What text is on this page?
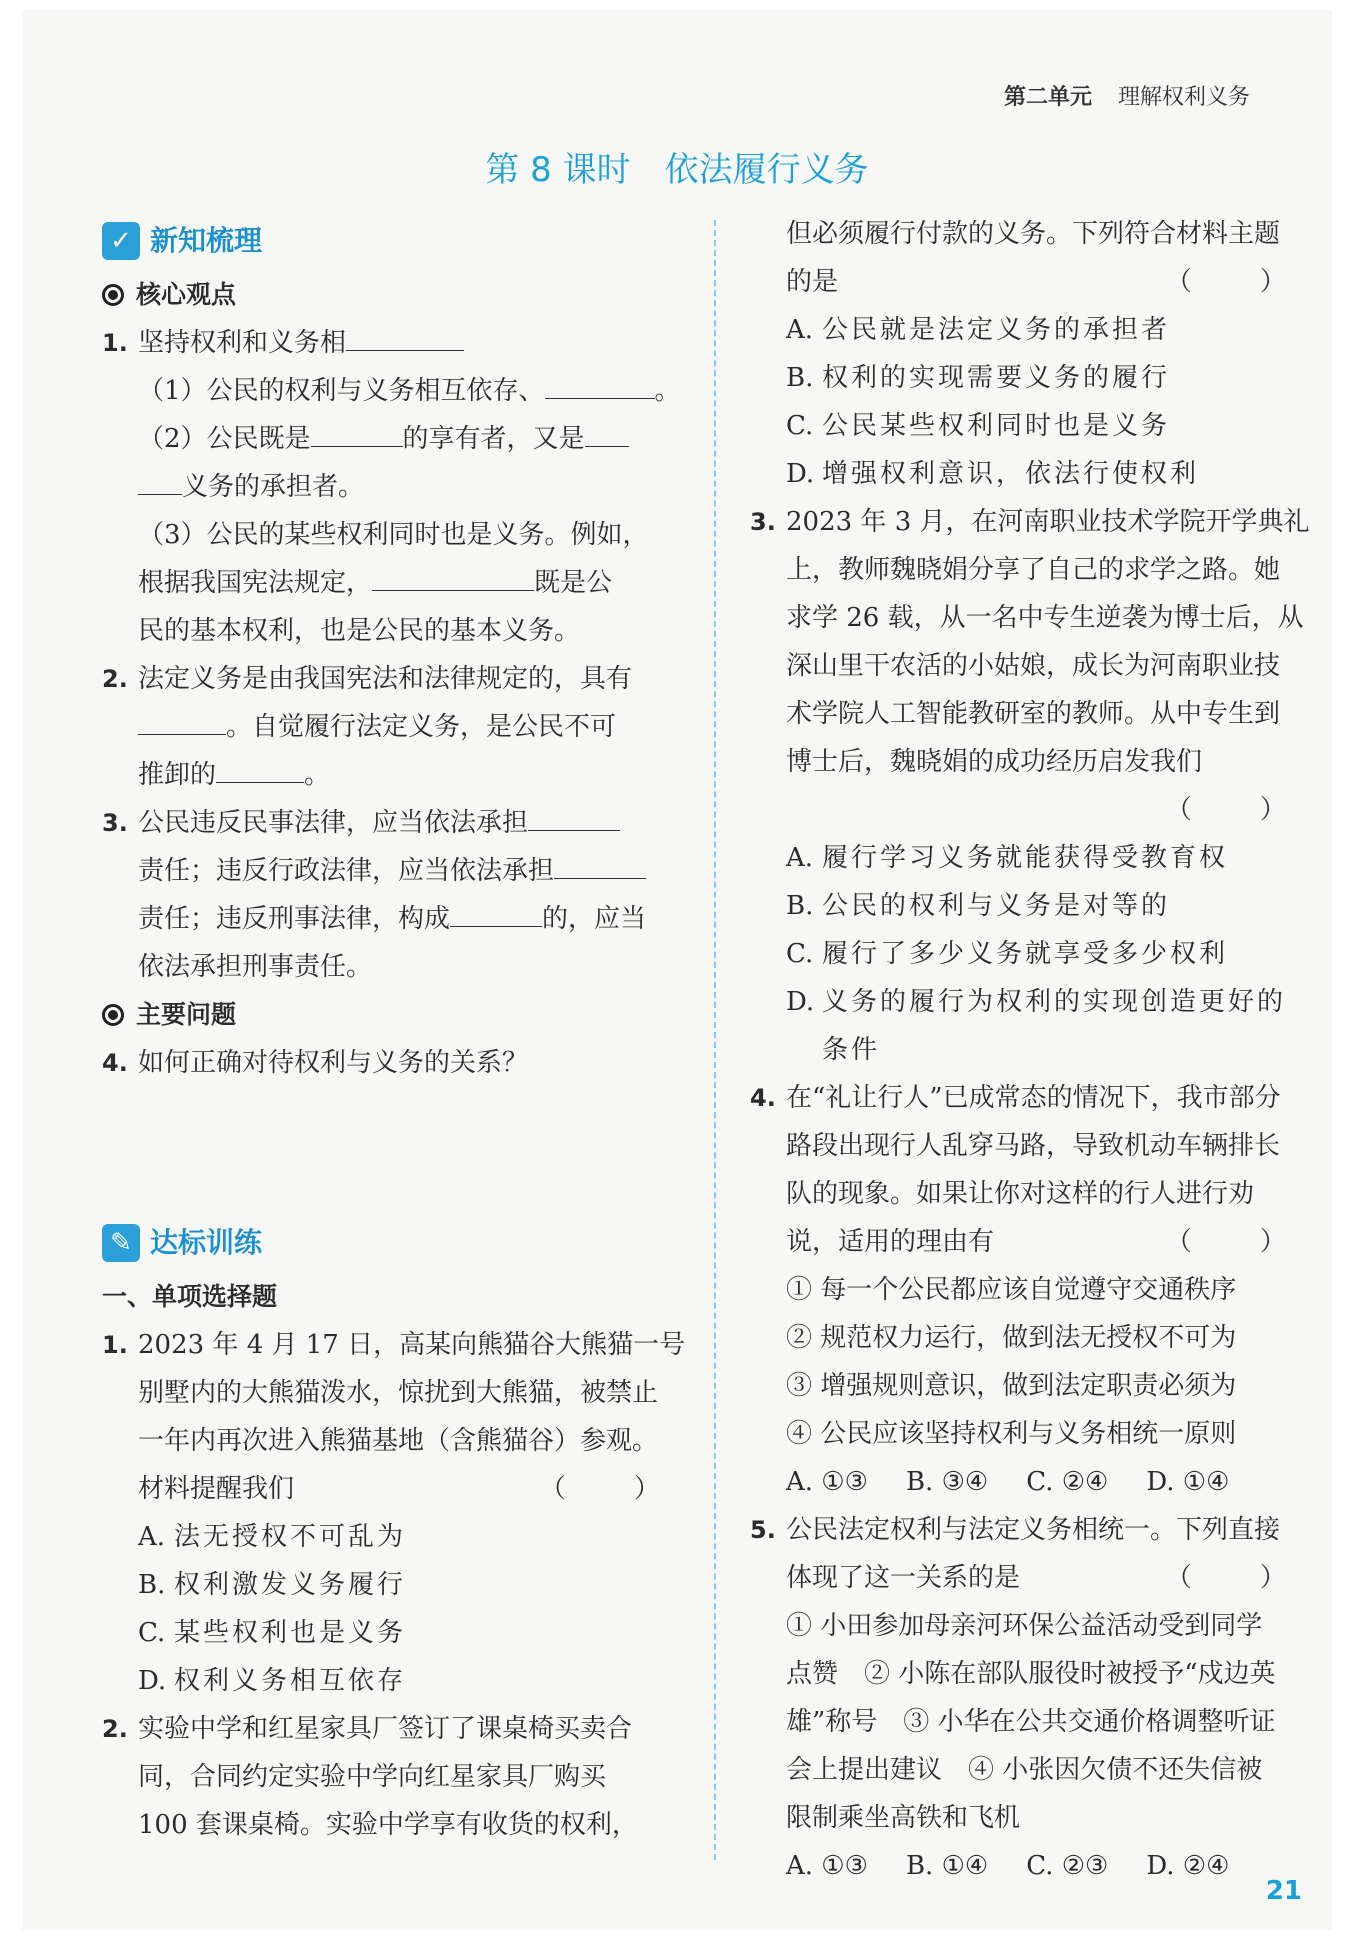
第二单元 理解权利义务
第 8 课时 依法履行义务
✓ 新知梳理
核心观点
1. 坚持权利和义务相
（1）公民的权利与义务相互依存、	。
（2）公民既是	的享有者，又是
义务的承担者。
（3）公民的某些权利同时也是义务。例如，
根据我国宪法规定，	既是公
民的基本权利，也是公民的基本义务。
2. 法定义务是由我国宪法和法律规定的，具有
。自觉履行法定义务，是公民不可
推卸的	。
3. 公民违反民事法律，应当依法承担
责任；违反行政法律，应当依法承担
责任；违反刑事法律，构成	的，应当
依法承担刑事责任。
主要问题
4. 如何正确对待权利与义务的关系？
✎ 达标训练
一、单项选择题
1. 2023 年 4 月 17 日，高某向熊猫谷大熊猫一号
别墅内的大熊猫泼水，惊扰到大熊猫，被禁止
一年内再次进入熊猫基地（含熊猫谷）参观。
材料提醒我们	（ ）
A. 法无授权不可乱为
B. 权利激发义务履行
C. 某些权利也是义务
D. 权利义务相互依存
2. 实验中学和红星家具厂签订了课桌椅买卖合
同，合同约定实验中学向红星家具厂购买
100 套课桌椅。实验中学享有收货的权利，
但必须履行付款的义务。下列符合材料主题
的是	（ ）
A. 公民就是法定义务的承担者
B. 权利的实现需要义务的履行
C. 公民某些权利同时也是义务
D. 增强权利意识，依法行使权利
3. 2023 年 3 月，在河南职业技术学院开学典礼
上，教师魏晓娟分享了自己的求学之路。她
求学 26 载，从一名中专生逆袭为博士后，从
深山里干农活的小姑娘，成长为河南职业技
术学院人工智能教研室的教师。从中专生到
博士后，魏晓娟的成功经历启发我们
（ ）
A. 履行学习义务就能获得受教育权
B. 公民的权利与义务是对等的
C. 履行了多少义务就享受多少权利
D. 义务的履行为权利的实现创造更好的
条件
4. 在“礼让行人”已成常态的情况下，我市部分
路段出现行人乱穿马路，导致机动车辆排长
队的现象。如果让你对这样的行人进行劝
说，适用的理由有	（ ）
① 每一个公民都应该自觉遵守交通秩序
② 规范权力运行，做到法无授权不可为
③ 增强规则意识，做到法定职责必须为
④ 公民应该坚持权利与义务相统一原则
A. ①③ B. ③④ C. ②④ D. ①④
5. 公民法定权利与法定义务相统一。下列直接
体现了这一关系的是	（ ）
① 小田参加母亲河环保公益活动受到同学
点赞　② 小陈在部队服役时被授予“戍边英
雄”称号　③ 小华在公共交通价格调整听证
会上提出建议　④ 小张因欠债不还失信被
限制乘坐高铁和飞机
A. ①③ B. ①④ C. ②③ D. ②④
21
